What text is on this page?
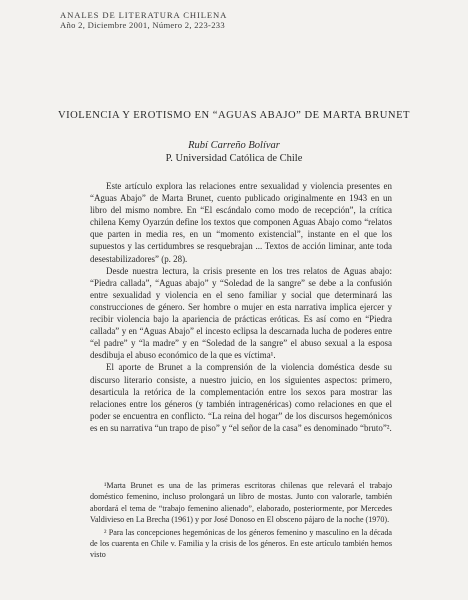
ANALES DE LITERATURA CHILENA
Año 2, Diciembre 2001, Número 2, 223-233
VIOLENCIA Y EROTISMO EN “AGUAS ABAJO” DE MARTA BRUNET
Rubí Carreño Bolívar
P. Universidad Católica de Chile

Este artículo explora las relaciones entre sexualidad y violencia presentes en “Aguas Abajo” de Marta Brunet, cuento publicado originalmente en 1943 en un libro del mismo nombre. En “El escándalo como modo de recepción”, la crítica chilena Kemy Oyarzún define los textos que componen Aguas Abajo como “relatos que parten in media res, en un “momento existencial”, instante en el que los supuestos y las certidumbres se resquebrajan ... Textos de acción liminar, ante toda desestabilizadores” (p. 28).

Desde nuestra lectura, la crisis presente en los tres relatos de Aguas abajo: “Piedra callada”, “Aguas abajo” y “Soledad de la sangre” se debe a la confusión entre sexualidad y violencia en el seno familiar y social que determinará las construcciones de género. Ser hombre o mujer en esta narrativa implica ejercer y recibir violencia bajo la apariencia de prácticas eróticas. Es así como en “Piedra callada” y en “Aguas Abajo” el incesto eclipsa la descarnada lucha de poderes entre “el padre” y “la madre” y en “Soledad de la sangre” el abuso sexual a la esposa desdibuja el abuso económico de la que es víctima¹.

El aporte de Brunet a la comprensión de la violencia doméstica desde su discurso literario consiste, a nuestro juicio, en los siguientes aspectos: primero, desarticula la retórica de la complementación entre los sexos para mostrar las relaciones entre los géneros (y también intragenéricas) como relaciones en que el poder se encuentra en conflicto. “La reina del hogar” de los discursos hegemónicos es en su narrativa “un trapo de piso” y “el señor de la casa” es denominado “bruto”².

¹Marta Brunet es una de las primeras escritoras chilenas que relevará el trabajo doméstico femenino, incluso prolongará un libro de mostas. Junto con valorarle, también abordará el tema de “trabajo femenino alienado”, elaborado, posteriormente, por Mercedes Valdivieso en La Brecha (1961) y por José Donoso en El obsceno pájaro de la noche (1970).

² Para las concepciones hegemónicas de los géneros femenino y masculino en la década de los cuarenta en Chile v. Familia y la crisis de los géneros. En este artículo también hemos visto
